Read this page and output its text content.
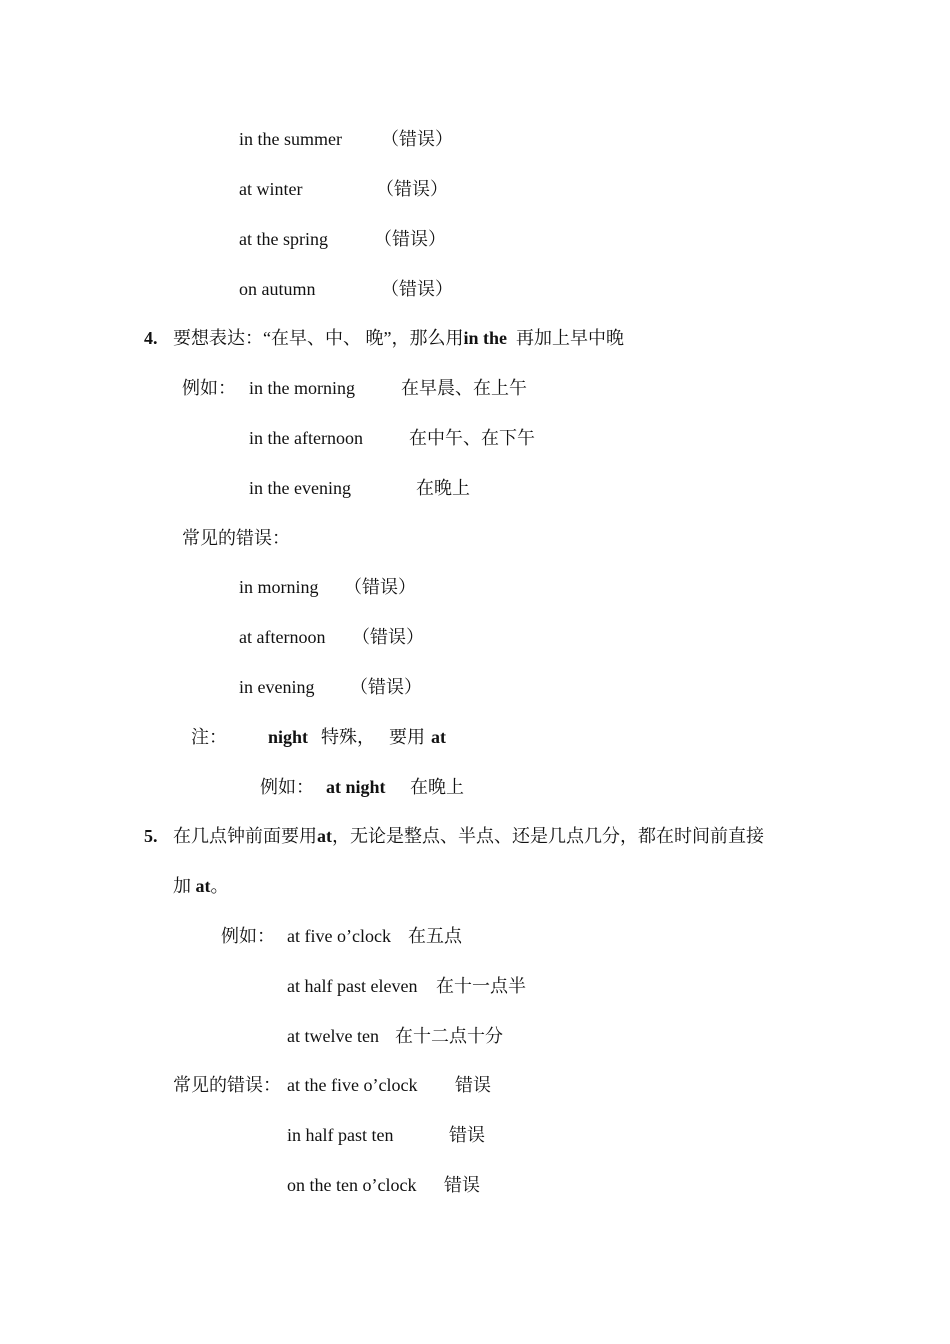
in the summer （错误）
at winter	（错误）
at the spring	（错误）
on autumn	（错误）
4. 要想表达：“在早、中、 晚”，那么用in the 再加上早中晚
例如： in the morning	在早晨、在上午
in the afternoon	在中午、在下午
in the evening	在晚上
常见的错误：
in morning （错误）
at afternoon （错误）
in evening （错误）
注： night 特殊， 要用 at
例如： at night 在晚上
5. 在几点钟前面要用at，无论是整点、半点、还是几点几分，都在时间前直接
加 at。
例如： at five o’clock 在五点
at half past eleven 在十一点半
at twelve ten 在十二点十分
常见的错误： at the five o’clock 错误
in half past ten	错误
on the ten o’clock 错误
